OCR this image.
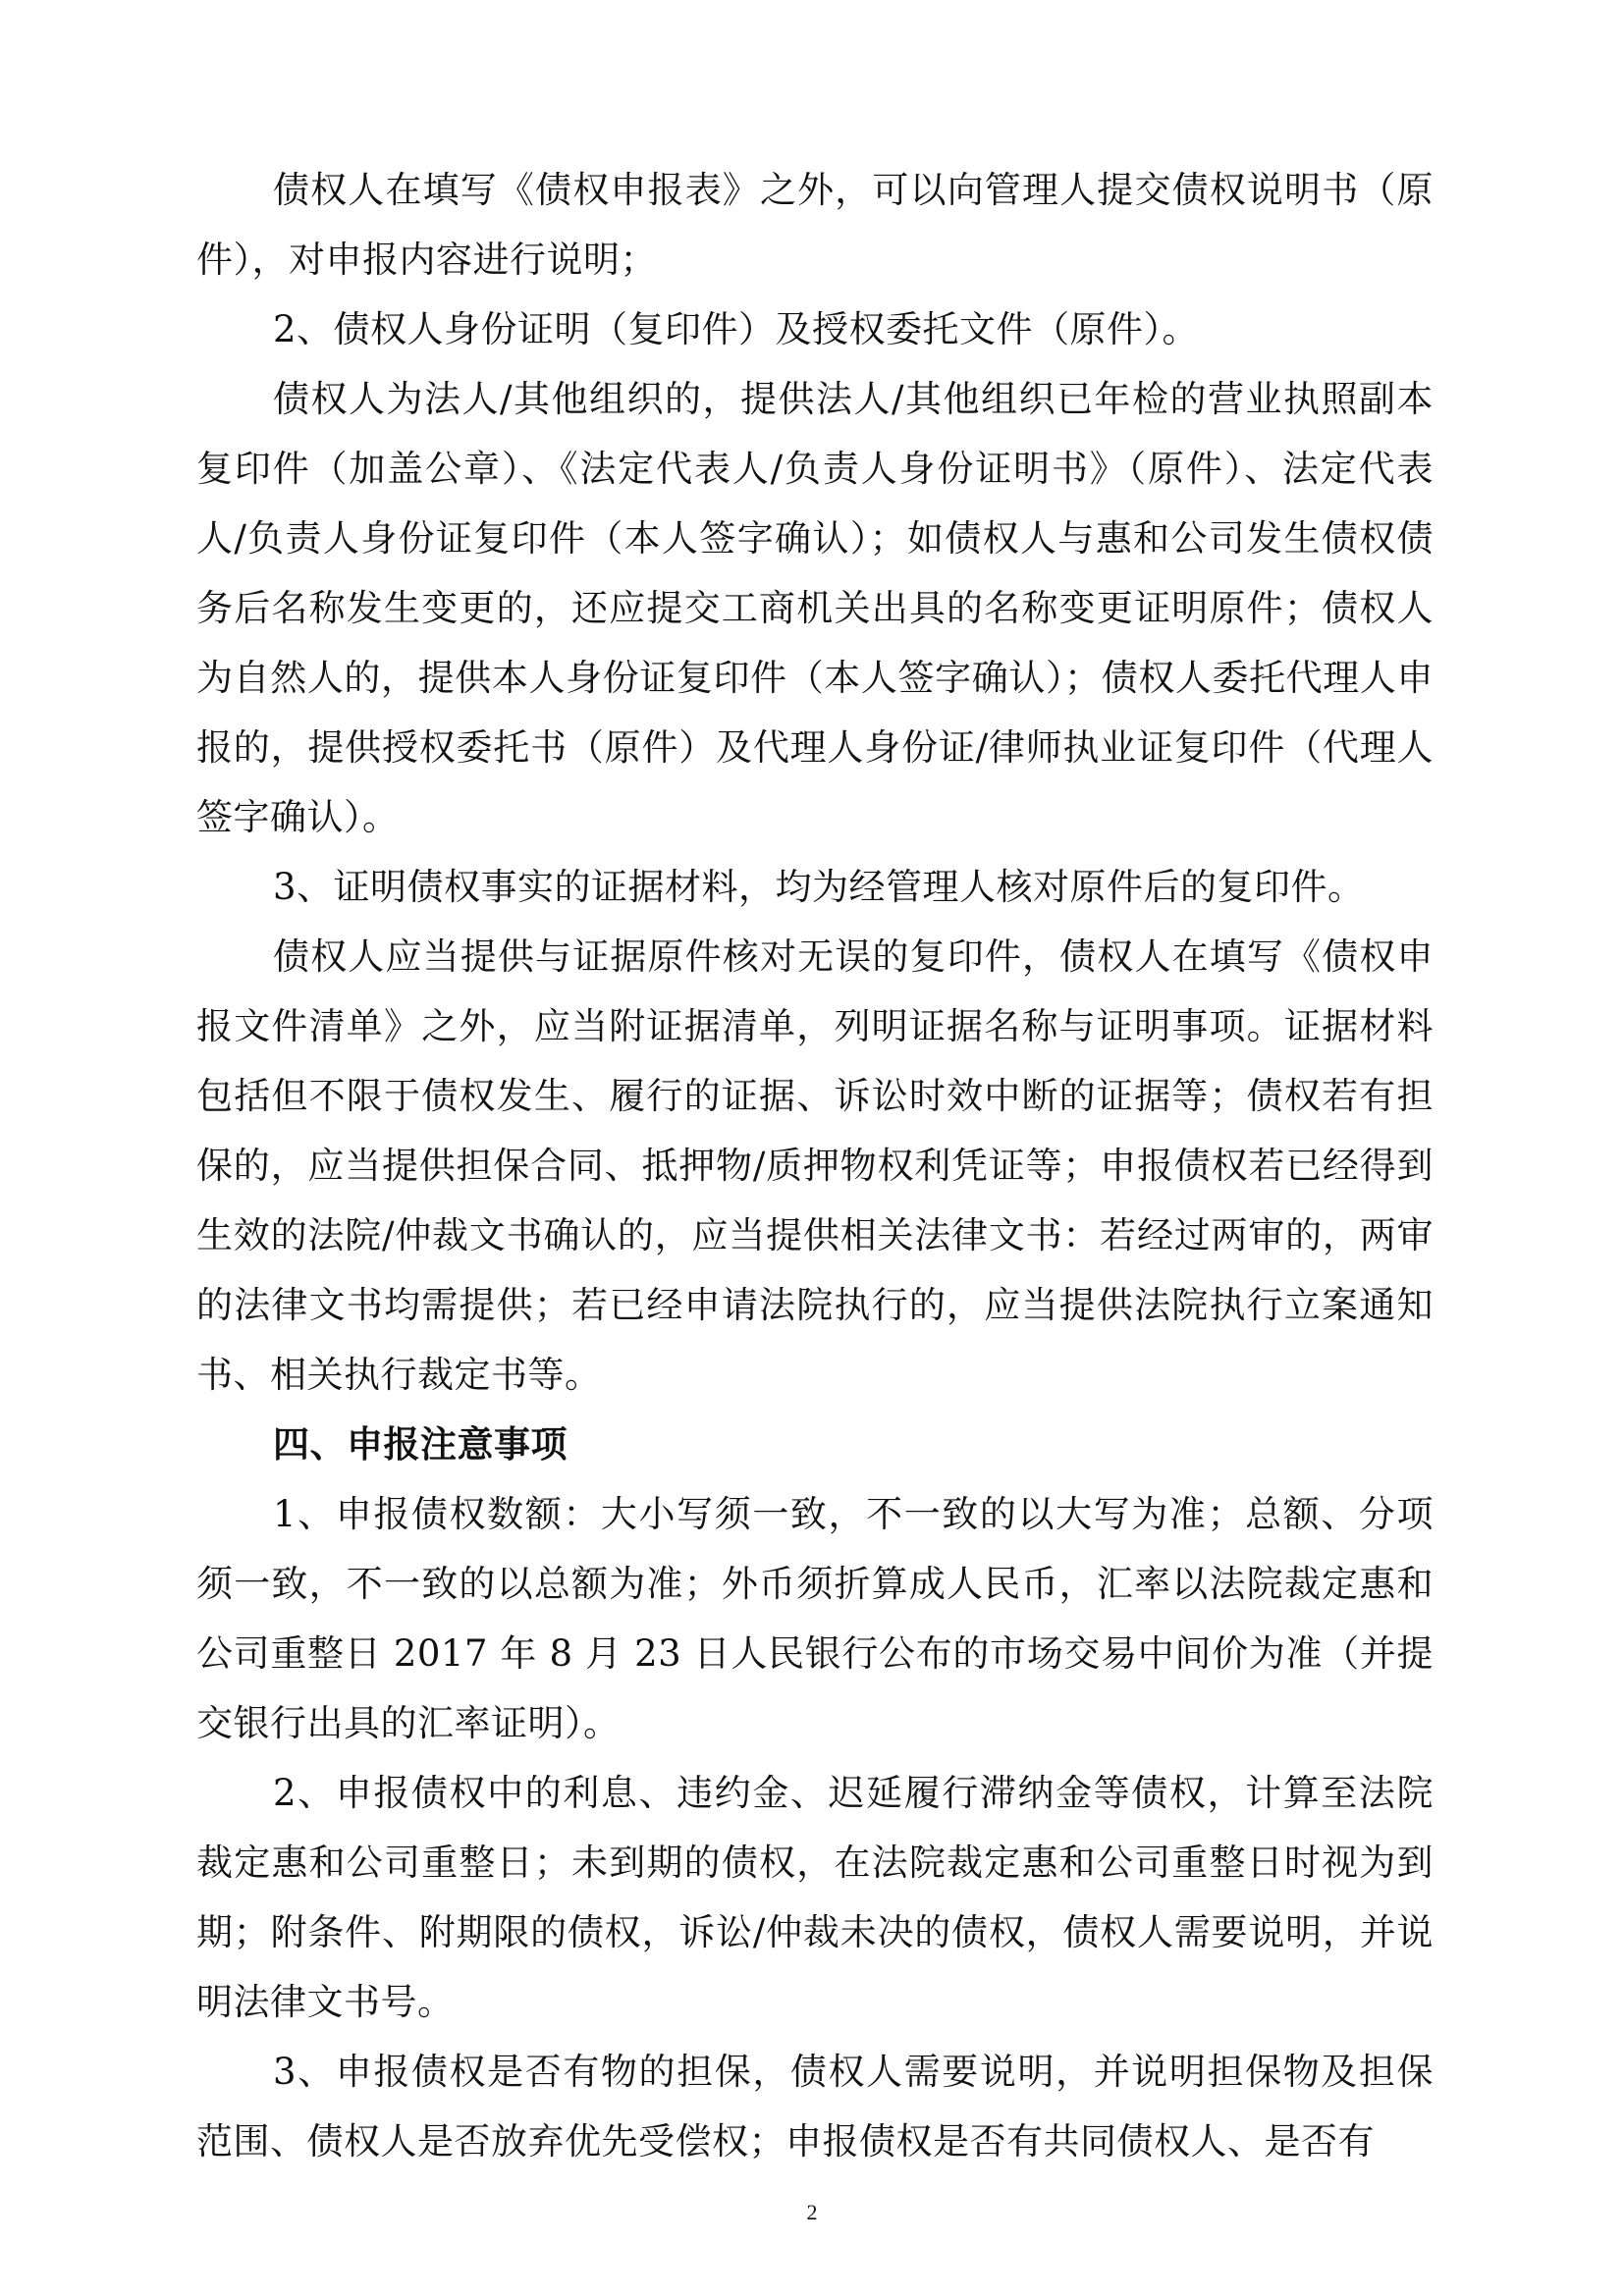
债权人在填写《债权申报表》之外，可以向管理人提交债权说明书（原件），对申报内容进行说明；

2、债权人身份证明（复印件）及授权委托文件（原件）。

债权人为法人/其他组织的，提供法人/其他组织已年检的营业执照副本复印件（加盖公章）、《法定代表人/负责人身份证明书》（原件）、法定代表人/负责人身份证复印件（本人签字确认）；如债权人与惠和公司发生债权债务后名称发生变更的，还应提交工商机关出具的名称变更证明原件；债权人为自然人的，提供本人身份证复印件（本人签字确认）；债权人委托代理人申报的，提供授权委托书（原件）及代理人身份证/律师执业证复印件（代理人签字确认）。

3、证明债权事实的证据材料，均为经管理人核对原件后的复印件。

债权人应当提供与证据原件核对无误的复印件，债权人在填写《债权申报文件清单》之外，应当附证据清单，列明证据名称与证明事项。证据材料包括但不限于债权发生、履行的证据、诉讼时效中断的证据等；债权若有担保的，应当提供担保合同、抵押物/质押物权利凭证等；申报债权若已经得到生效的法院/仲裁文书确认的，应当提供相关法律文书：若经过两审的，两审的法律文书均需提供；若已经申请法院执行的，应当提供法院执行立案通知书、相关执行裁定书等。

四、申报注意事项

1、申报债权数额：大小写须一致，不一致的以大写为准；总额、分项须一致，不一致的以总额为准；外币须折算成人民币，汇率以法院裁定惠和公司重整日 2017 年 8 月 23 日人民银行公布的市场交易中间价为准（并提交银行出具的汇率证明）。

2、申报债权中的利息、违约金、迟延履行滞纳金等债权，计算至法院裁定惠和公司重整日；未到期的债权，在法院裁定惠和公司重整日时视为到期；附条件、附期限的债权，诉讼/仲裁未决的债权，债权人需要说明，并说明法律文书号。

3、申报债权是否有物的担保，债权人需要说明，并说明担保物及担保范围、债权人是否放弃优先受偿权；申报债权是否有共同债权人、是否有

2
